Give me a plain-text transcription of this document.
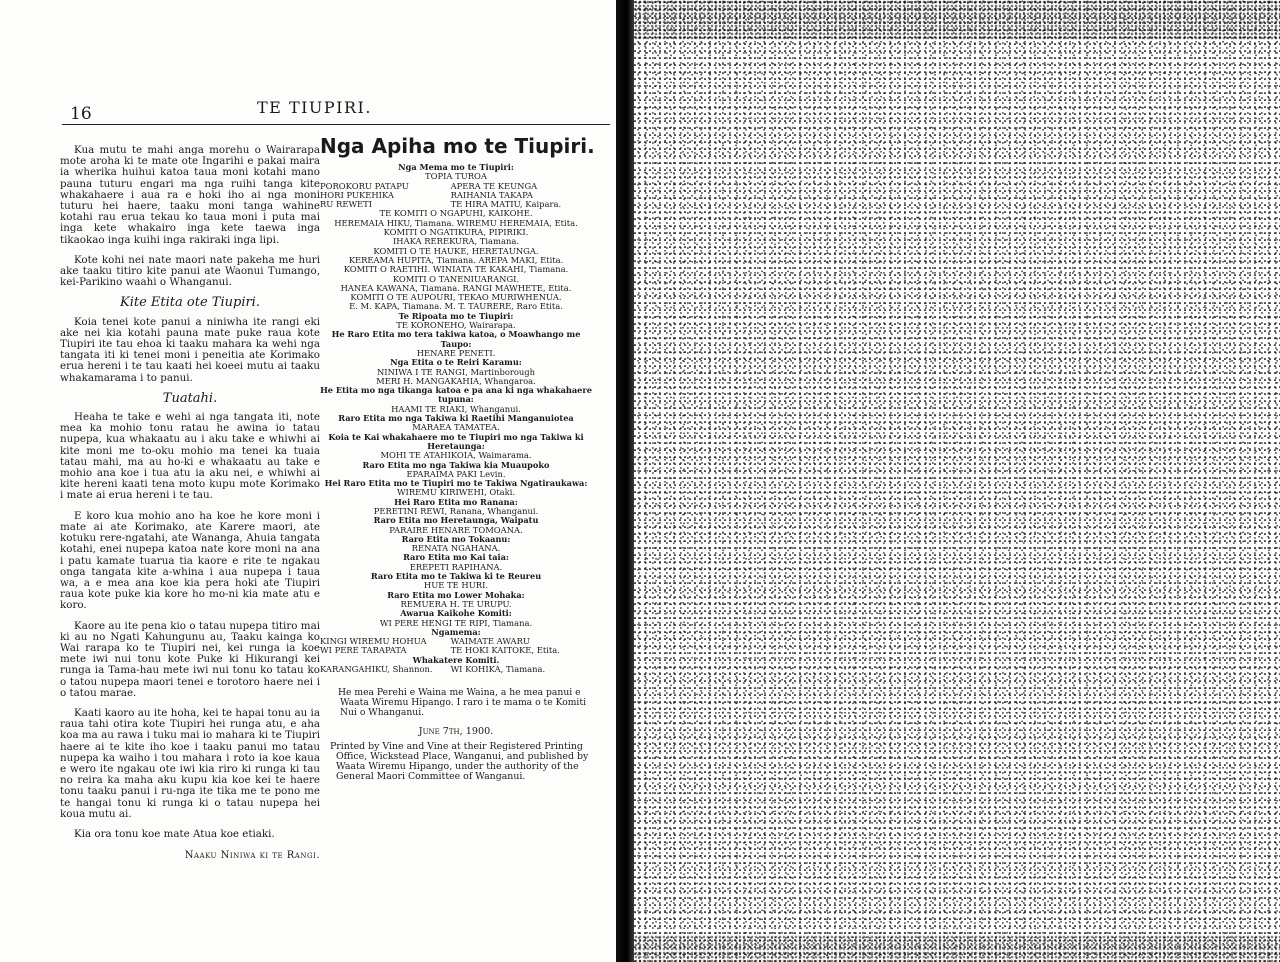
16	TE TIUPIRI.

Kua mutu te mahi anga morehu o Wairarapa mote aroha ki te mate ote Ingarihi e pakai maira ia wherika huihui katoa taua moni kotahi mano pauna tuturu engari ma nga ruihi tanga kite whakahaere i aua ra e hoki iho ai nga moni tuturu hei haere, taaku moni tanga wahine kotahi rau erua tekau ko taua moni i puta mai inga kete whakairo inga kete taewa inga tikaokao inga kuihi inga rakiraki inga lipi.

Kote kohi nei nate maori nate pakeha me huri ake taaku titiro kite panui ate Waonui Tumango, kei-Parikino waahi o Whanganui.

Kite Etita ote Tiupiri.

Koia tenei kote panui a niniwha ite rangi eki ake nei kia kotahi pauna mate puke raua kote Tiupiri ite tau ehoa ki taaku mahara ka wehi nga tangata iti ki tenei moni i peneitia ate Korimako erua hereni i te tau kaati hei koeei mutu ai taaku whakamarama i to panui.

Tuatahi.

Heaha te take e wehi ai nga tangata iti, note mea ka mohio tonu ratau he awina io tatau nupepa, kua whakaatu au i aku take e whiwhi ai kite moni me to-oku mohio ma tenei ka tuaia tatau mahi, ma au ho-ki e whakaatu au take e mohio ana koe i tua atu ia aku nei, e whiwhi ai kite hereni kaati tena moto kupu mote Korimako i mate ai erua hereni i te tau.

E koro kua mohio ano ha koe he kore moni i mate ai ate Korimako, ate Karere maori, ate kotuku rere-ngatahi, ate Wananga, Ahuia tangata kotahi, enei nupepa katoa nate kore moni na ana i patu kamate tuarua tia kaore e rite te ngakau onga tangata kite a-whina i aua nupepa i taua wa, a e mea ana koe kia pera hoki ate Tiupiri raua kote puke kia kore ho mo-ni kia mate atu e koro.

Kaore au ite pena kio o tatau nupepa titiro mai ki au no Ngati Kahungunu au, Taaku kainga ko Wai rarapa ko te Tiupiri nei, kei runga ia koe mete iwi nui tonu kote Puke ki Hikurangi kei runga ia Tama-hau mete iwi nui tonu ko tatau ko o tatou nupepa maori tenei e torotoro haere nei i o tatou marae.

Kaati kaoro au ite hoha, kei te hapai tonu au ia raua tahi otira kote Tiupiri hei runga atu, e aha koa ma au rawa i tuku mai io mahara ki te Tiupiri haere ai te kite iho koe i taaku panui mo tatau nupepa ka waiho i tou mahara i roto ia koe kaua e wero ite ngakau ote iwi kia riro ki runga ki tau no reira ka maha aku kupu kia koe kei te haere tonu taaku panui i ru-nga ite tika me te pono me te hangai tonu ki runga ki o tatau nupepa hei koua mutu ai.

Kia ora tonu koe mate Atua koe etiaki.

Naaku Niniwa ki te Rangi.
Nga Apiha mo te Tiupiri.
Nga Mema mo te Tiupiri:
TOPIA TUROA
POROKORU PATAPU	APERA TE KEUNGA
HORI PUKEHIKA	RAIHANIA TAKAPA
RU REWETI	TE HIRA MATIU, Kaipara.
TE KOMITI O NGAPUHI, KAIKOHE.
HEREMAIA HIKU, Tiamana. WIREMU HEREMAIA, Etita.
KOMITI O NGATIKURA, PIPIRIKI.
IHAKA REREKURA, Tiamana.
KOMITI O TE HAUKE, HERETAUNGA.
KEREAMA HUPITA, Tiamana. AREPA MAKI, Etita.
KOMITI O RAETIHI. WINIATA TE KAKAHI, Tiamana.
KOMITI O TANENIUARANGI.
HANEA KAWANA, Tiamana. RANGI MAWHETE, Etita.
KOMITI O TE AUPOURI, TEKAO MURIWHENUA.
E. M. KAPA, Tiamana. M. T. TAURERE, Raro Etita.
Te Ripoata mo te Tiupiri:
TE KORONEHO, Wairarapa.
He Raro Etita mo tera takiwa katoa, o Moawhango me Taupo:
HENARE PENETI.
Nga Etita o te Reiri Karamu:
NINIWA I TE RANGI, Martinborough
MERI H. MANGAKAHIA, Whangaroa.
He Etita mo nga tikanga katoa e pa ana ki nga whakahaere tupuna:
HAAMI TE RIAKI, Whanganui.
Raro Etita mo nga Takiwa ki Raetihi Manganuiotea
MARAEA TAMATEA.
Koia te Kai whakahaere mo te Tiupiri mo nga Takiwa ki Heretaunga:
MOHI TE ATAHIKOIA, Waimarama.
Raro Etita mo nga Takiwa kia Muaupoko
EPARAIMA PAKI Levin.
Hei Raro Etita mo te Tiupiri mo te Takiwa Ngatiraukawa:
WIREMU KIRIWEHI, Otaki.
Hei Raro Etita mo Ranana:
PERETINI REWI, Ranana, Whanganui.
Raro Etita mo Heretaunga, Waipatu
PARAIRE HENARE TOMOANA.
Raro Etita mo Tokaanu:
RENATA NGAHANA.
Raro Etita mo Kai taia:
EREPETI RAPIHANA.
Raro Etita mo te Takiwa ki te Reureu
HUE TE HURI.
Raro Etita mo Lower Mohaka:
REMUERA H. TE URUPU.
Awarua Kaikohe Komiti:
WI PERE HENGI TE RIPI, Tiamana.
Ngamema:
KINGI WIREMU HOHUA	WAIMATE AWARU
WI PERE TARAPATA	TE HOKI KAITOKE, Etita.
Whakatere Komiti.
KARANGAHIKU, Shannon. WI KOHIKA, Tiamana.
He mea Perehi e Waina me Waina, a he mea panui e Waata Wiremu Hipango. I raro i te mama o te Komiti Nui o Whanganui.
June 7th, 1900.
Printed by Vine and Vine at their Registered Printing Office, Wickstead Place, Wanganui, and published by Waata Wiremu Hipango, under the authority of the General Maori Committee of Wanganui.
